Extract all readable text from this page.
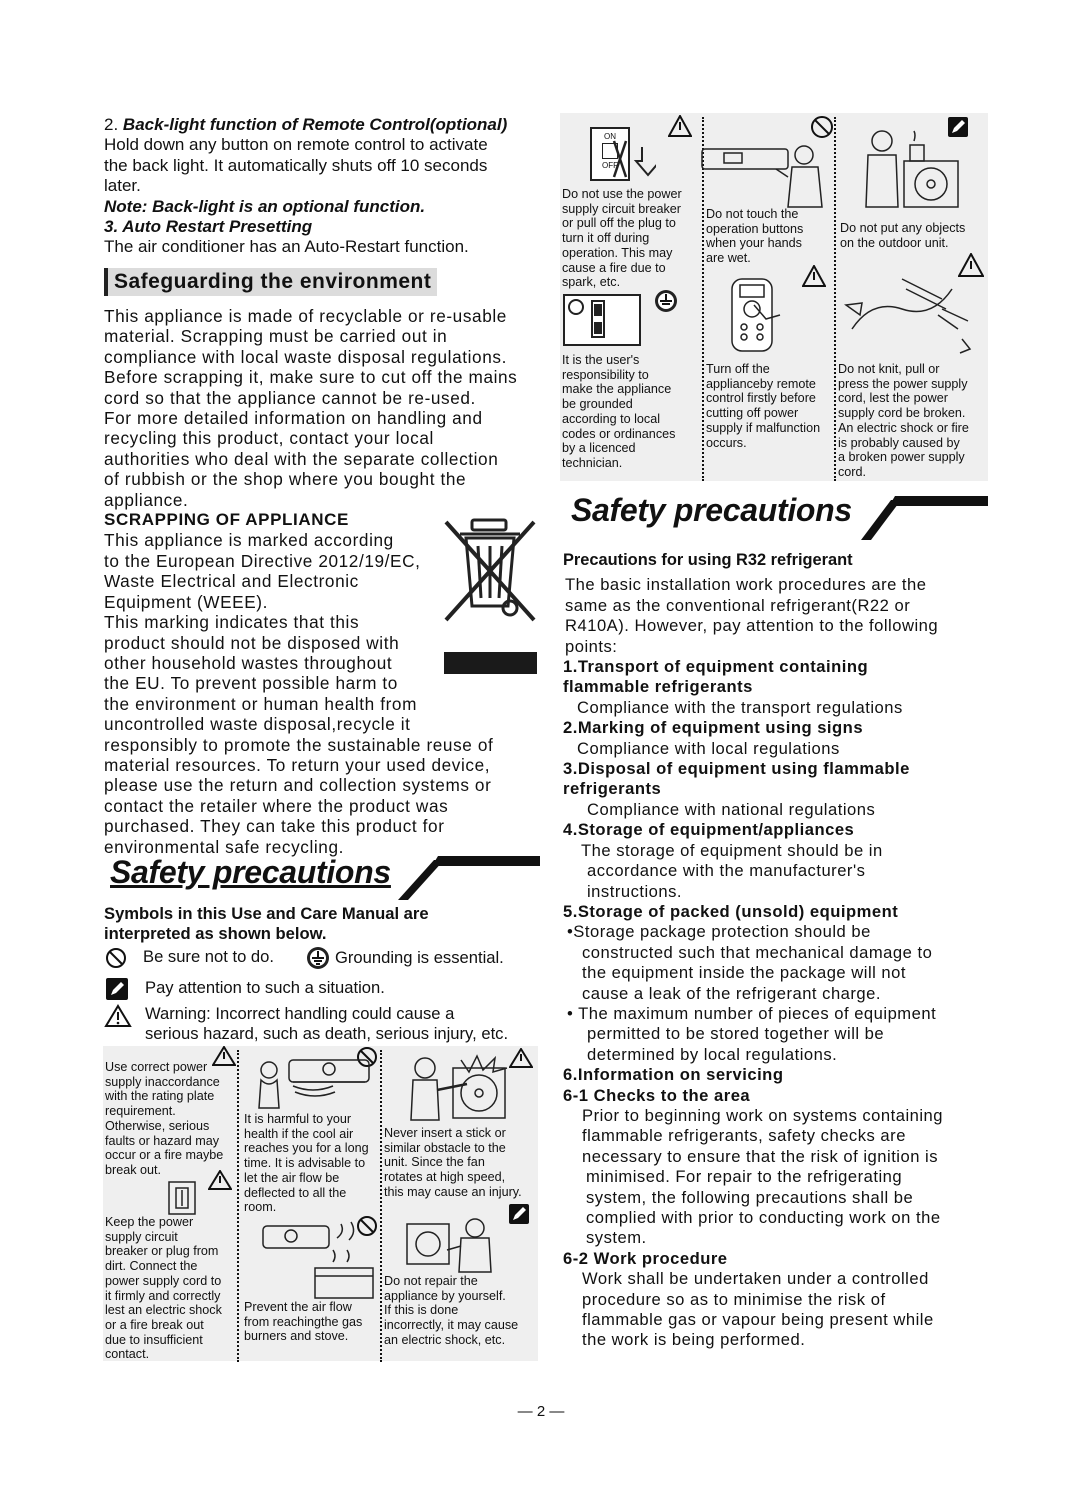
2. Back-light function of Remote Control(optional)

Hold down any button on remote control to activate

the back light. It automatically shuts off 10 seconds

later.

Note: Back-light is an optional function.

3. Auto Restart Presetting

The air conditioner has an Auto-Restart function.

Safeguarding the environment

This appliance is made of recyclable or re-usable

material. Scrapping must be carried out in

compliance with local waste disposal regulations.

Before scrapping it, make sure to cut off the mains

cord so that the appliance cannot be re-used.

For more detailed information on handling and

recycling this product, contact your local

authorities who deal with the separate collection

of rubbish or the shop where you bought the

appliance.

SCRAPPING OF APPLIANCE

This appliance is marked according

to the European Directive 2012/19/EC,

Waste Electrical and Electronic

Equipment (WEEE).

This marking indicates that this

product should not be disposed with

other household wastes throughout

the EU. To prevent possible harm to

the environment or human health from

uncontrolled waste disposal,recycle it

responsibly to promote the sustainable reuse of

material resources. To return your used device,

please use the return and collection systems or

contact the retailer where the product was

purchased. They can take this product for

environmental safe recycling.

Safety precautions

Symbols in this Use and Care Manual are

interpreted as shown below.

Be sure not to do.	Grounding is essential.
Pay attention to such a situation.

Warning: Incorrect handling could cause a

serious hazard, such as death, serious injury, etc.

Use correct power
supply inaccordance
with the rating plate
requirement.
Otherwise, serious
faults or hazard may
occur or a fire maybe
break out.
It is harmful to your
health if the cool air
reaches you for a long
time. It is advisable to
let the air flow be
deflected to all the
room.
Never insert a stick or
similar obstacle to the
unit. Since the fan
rotates at high speed,
this may cause an injury.
Keep the power
supply circuit
breaker or plug from
dirt. Connect the
power supply cord to
it firmly and correctly
lest an electric shock
or a fire break out
due to insufficient
contact.
Prevent the air flow
from reachingthe gas
burners and stove.
Do not repair the
appliance by yourself.
If this is done
incorrectly, it may cause
an electric shock, etc.
ON
OFF
Do not use the power
supply circuit breaker
or pull off the plug to
turn it off during
operation. This may
cause a fire due to
spark, etc.
Do not touch the
operation buttons
when your hands
are wet.
Do not put any objects
on the outdoor unit.
It is the user's
responsibility to
make the appliance
be grounded
according to local
codes or ordinances
by a licenced
technician.
Turn off the
applianceby remote
control firstly before
cutting off power
supply if malfunction
occurs.
Do not knit, pull or
press the power supply
cord, lest the power
supply cord be broken.
An electric shock or fire
is probably caused by
a broken power supply
cord.
Safety precautions

Precautions for using R32 refrigerant

The basic installation work procedures are the

same as the conventional refrigerant(R22 or

R410A). However, pay attention to the following

points:

1.Transport of equipment containing

flammable refrigerants

Compliance with the transport regulations

2.Marking of equipment using signs

Compliance with local regulations

3.Disposal of equipment using flammable

refrigerants

Compliance with national regulations

4.Storage of equipment/appliances

The storage of equipment should be in

accordance with the manufacturer's

instructions.

5.Storage of packed (unsold) equipment

•Storage package protection should be

constructed such that mechanical damage to

the equipment inside the package will not

cause a leak of the refrigerant charge.

• The maximum number of pieces of equipment

permitted to be stored together will be

determined by local regulations.

6.Information on servicing

6-1 Checks to the area

Prior to beginning work on systems containing

flammable refrigerants, safety checks are

necessary to ensure that the risk of ignition is

minimised. For repair to the refrigerating

system, the following precautions shall be

complied with prior to conducting work on the

system.

6-2 Work procedure

Work shall be undertaken under a controlled

procedure so as to minimise the risk of

flammable gas or vapour being present while

the work is being performed.

— 2 —
